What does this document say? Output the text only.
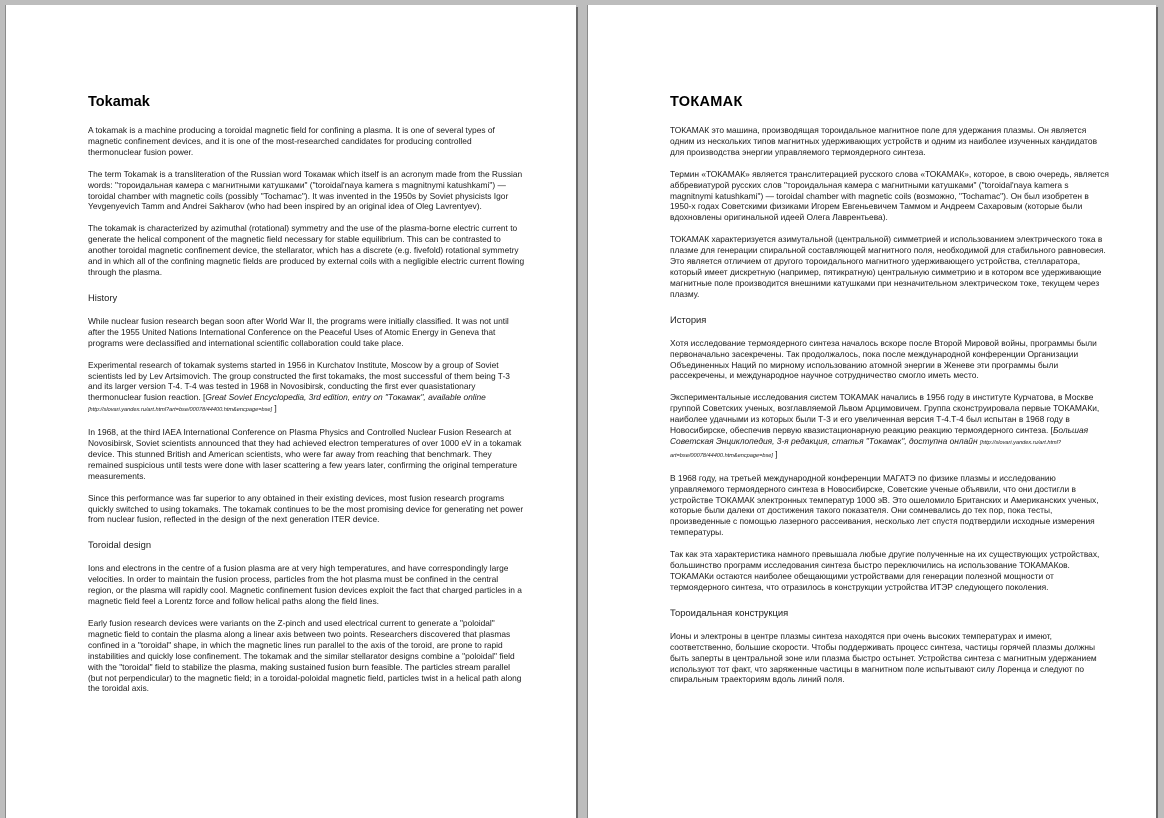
Tokamak

A tokamak is a machine producing a toroidal magnetic field for confining a plasma. It is one of several types of magnetic confinement devices, and it is one of the most-researched candidates for producing controlled thermonuclear fusion power.

The term Tokamak is a transliteration of the Russian word Токамак which itself is an acronym made from the Russian words: "тороидальная камера с магнитными катушками" ("toroidal'naya kamera s magnitnymi katushkami") — toroidal chamber with magnetic coils (possibly "Tochamac"). It was invented in the 1950s by Soviet physicists Igor Yevgenyevich Tamm and Andrei Sakharov (who had been inspired by an original idea of Oleg Lavrentyev).

The tokamak is characterized by azimuthal (rotational) symmetry and the use of the plasma-borne electric current to generate the helical component of the magnetic field necessary for stable equilibrium. This can be contrasted to another toroidal magnetic confinement device, the stellarator, which has a discrete (e.g. fivefold) rotational symmetry and in which all of the confining magnetic fields are produced by external coils with a negligible electric current flowing through the plasma.

History

While nuclear fusion research began soon after World War II, the programs were initially classified. It was not until after the 1955 United Nations International Conference on the Peaceful Uses of Atomic Energy in Geneva that programs were declassified and international scientific collaboration could take place.

Experimental research of tokamak systems started in 1956 in Kurchatov Institute, Moscow by a group of Soviet scientists led by Lev Artsimovich. The group constructed the first tokamaks, the most successful of them being T-3 and its larger version T-4. T-4 was tested in 1968 in Novosibirsk, conducting the first ever quasistationary thermonuclear fusion reaction. [Great Soviet Encyclopedia, 3rd edition, entry on "Токамак", available online [http://slovari.yandex.ru/art.html?art=bse/00078/44400.htm&encpage=bse] ]

In 1968, at the third IAEA International Conference on Plasma Physics and Controlled Nuclear Fusion Research at Novosibirsk, Soviet scientists announced that they had achieved electron temperatures of over 1000 eV in a tokamak device. This stunned British and American scientists, who were far away from reaching that benchmark. They remained suspicious until tests were done with laser scattering a few years later, confirming the original temperature measurements.

Since this performance was far superior to any obtained in their existing devices, most fusion research programs quickly switched to using tokamaks. The tokamak continues to be the most promising device for generating net power from nuclear fusion, reflected in the design of the next generation ITER device.

Toroidal design

Ions and electrons in the centre of a fusion plasma are at very high temperatures, and have correspondingly large velocities. In order to maintain the fusion process, particles from the hot plasma must be confined in the central region, or the plasma will rapidly cool. Magnetic confinement fusion devices exploit the fact that charged particles in a magnetic field feel a Lorentz force and follow helical paths along the field lines.

Early fusion research devices were variants on the Z-pinch and used electrical current to generate a "poloidal" magnetic field to contain the plasma along a linear axis between two points. Researchers discovered that plasmas confined in a "toroidal" shape, in which the magnetic lines run parallel to the axis of the toroid, are prone to rapid instabilities and quickly lose confinement. The tokamak and the similar stellarator designs combine a "poloidal" field with the "toroidal" field to stabilize the plasma, making sustained fusion burn feasible. The particles stream parallel (but not perpendicular) to the magnetic field; in a toroidal-poloidal magnetic field, particles twist in a helical path along the toroidal axis.

ТОКАМАК

ТОКАМАК это машина, производящая тороидальное магнитное поле для удержания плазмы. Он является одним из нескольких типов магнитных удерживающих устройств и одним из наиболее изученных кандидатов для производства энергии управляемого термоядерного синтеза.

Термин «ТОКАМАК» является транслитерацией русского слова «ТОКАМАК», которое, в свою очередь, является аббревиатурой русских слов "тороидальная камера с магнитными катушками" ("toroidal'naya kamera s magnitnymi katushkami") — toroidal chamber with magnetic coils (возможно, "Tochamac"). Он был изобретен в 1950-х годах Советскими физиками Игорем Евгеньевичем Таммом и Андреем Сахаровым (которые были вдохновлены оригинальной идеей Олега Лаврентьева).

ТОКАМАК характеризуется азимутальной (центральной) симметрией и использованием электрического тока в плазме для генерации спиральной составляющей магнитного поля, необходимой для стабильного равновесия. Это является отличием от другого тороидального магнитного удерживающего устройства, стелларатора, который имеет дискретную (например, пятикратную) центральную симметрию и в котором все удерживающие магнитные поле производится внешними катушками при незначительном электрическом токе, текущем через плазму.

История

Хотя исследование термоядерного синтеза началось вскоре после Второй Мировой войны, программы были первоначально засекречены. Так продолжалось, пока после международной конференции Организации Объединенных Наций по мирному использованию атомной энергии в Женеве эти программы были рассекречены, и международное научное сотрудничество смогло иметь место.

Экспериментальные исследования систем ТОКАМАК начались в 1956 году в институте Курчатова, в Москве группой Советских ученых, возглавляемой Львом Арцимовичем. Группа сконструировала первые ТОКАМАКи, наиболее удачными из которых были Т-3 и его увеличенная версия Т-4.Т-4 был испытан в 1968 году в Новосибирске, обеспечив первую квазистационарную реакцию реакцию термоядерного синтеза. [Большая Советская Энциклопедия, 3-я редакция, статья "Токамак", доступна онлайн [http://slovari.yandex.ru/art.html?art=bse/00078/44400.htm&encpage=bse] ]

В 1968 году, на третьей международной конференции МАГАТЭ по физике плазмы и исследованию управляемого термоядерного синтеза в Новосибирске, Советские ученые объявили, что они достигли в устройстве ТОКАМАК электронных температур 1000 эВ. Это ошеломило Британских и Американских ученых, которые были далеки от достижения такого показателя. Они сомневались до тех пор, пока тесты, произведенные с помощью лазерного рассеивания, несколько лет спустя подтвердили исходные измерения температуры.

Так как эта характеристика намного превышала любые другие полученные на их существующих устройствах, большинство программ исследования синтеза быстро переключились на использование ТОКАМАКов. ТОКАМАКи остаются наиболее обещающими устройствами для генерации полезной мощности от термоядерного синтеза, что отразилось в конструкции устройства ИТЭР следующего поколения.

Тороидальная конструкция

Ионы и электроны в центре плазмы синтеза находятся при очень высоких температурах и имеют, соответственно, большие скорости. Чтобы поддерживать процесс синтеза, частицы горячей плазмы должны быть заперты в центральной зоне или плазма быстро остынет. Устройства синтеза с магнитным удержанием используют тот факт, что заряженные частицы в магнитном поле испытывают силу Лоренца и следуют по спиральным траекториям вдоль линий поля.
